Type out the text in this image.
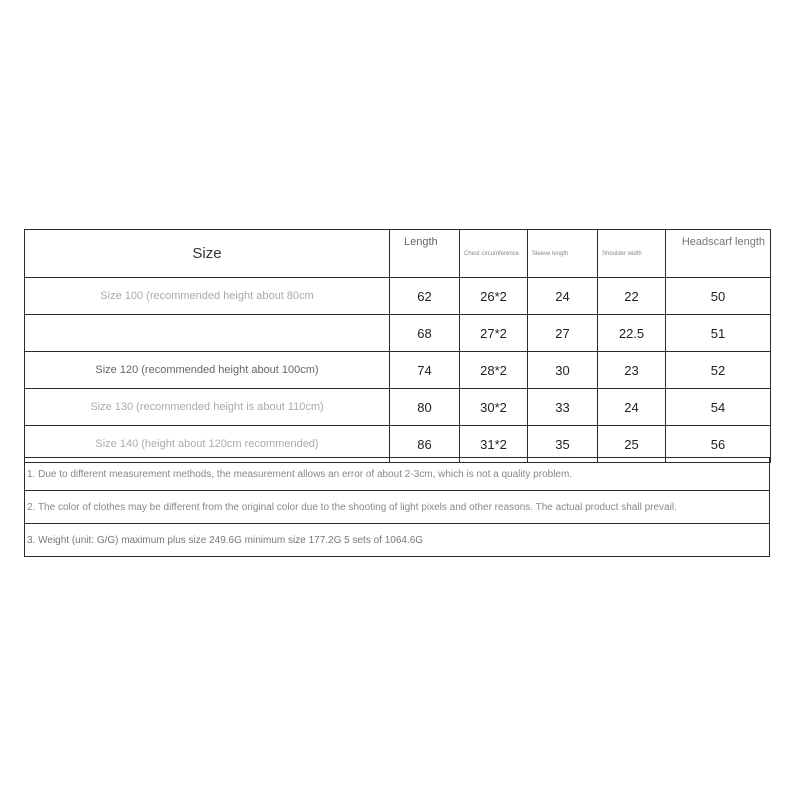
Size	Length	Chest circumference	Sleeve length	Shoulder width	Headscarf length
Size 100 (recommended height about 80cm	62	26*2	24	22	50
	68	27*2	27	22.5	51
Size 120 (recommended height about 100cm)	74	28*2	30	23	52
Size 130 (recommended height is about 110cm)	80	30*2	33	24	54
Size 140 (height about 120cm recommended)	86	31*2	35	25	56
1. Due to different measurement methods, the measurement allows an error of about 2-3cm, which is not a quality problem.
2. The color of clothes may be different from the original color due to the shooting of light pixels and other reasons. The actual product shall prevail.
3. Weight (unit: G/G) maximum plus size 249.6G minimum size 177.2G 5 sets of 1064.6G
